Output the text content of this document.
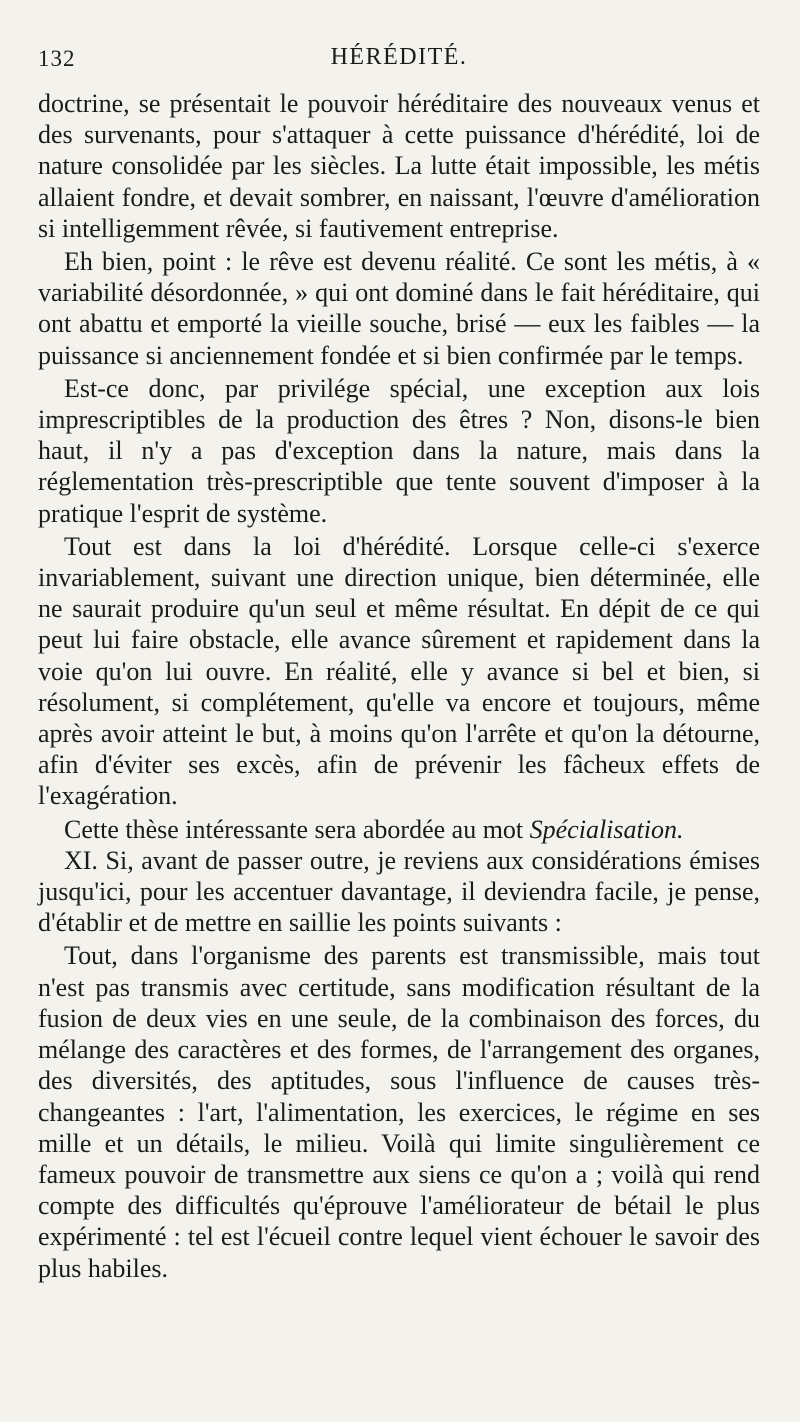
132	HÉRÉDITÉ.

doctrine, se présentait le pouvoir héréditaire des nouveaux venus et des survenants, pour s'attaquer à cette puissance d'hérédité, loi de nature consolidée par les siècles. La lutte était impossible, les métis allaient fondre, et devait sombrer, en naissant, l'œuvre d'amélioration si intelligemment rêvée, si fautivement entreprise.

Eh bien, point : le rêve est devenu réalité. Ce sont les métis, à « variabilité désordonnée, » qui ont dominé dans le fait héréditaire, qui ont abattu et emporté la vieille souche, brisé — eux les faibles — la puissance si anciennement fondée et si bien confirmée par le temps.

Est-ce donc, par privilége spécial, une exception aux lois imprescriptibles de la production des êtres ? Non, disons-le bien haut, il n'y a pas d'exception dans la nature, mais dans la réglementation très-prescriptible que tente souvent d'imposer à la pratique l'esprit de système.

Tout est dans la loi d'hérédité. Lorsque celle-ci s'exerce invariablement, suivant une direction unique, bien déterminée, elle ne saurait produire qu'un seul et même résultat. En dépit de ce qui peut lui faire obstacle, elle avance sûrement et rapidement dans la voie qu'on lui ouvre. En réalité, elle y avance si bel et bien, si résolument, si complétement, qu'elle va encore et toujours, même après avoir atteint le but, à moins qu'on l'arrête et qu'on la détourne, afin d'éviter ses excès, afin de prévenir les fâcheux effets de l'exagération.

Cette thèse intéressante sera abordée au mot Spécialisation.

XI. Si, avant de passer outre, je reviens aux considérations émises jusqu'ici, pour les accentuer davantage, il deviendra facile, je pense, d'établir et de mettre en saillie les points suivants :

Tout, dans l'organisme des parents est transmissible, mais tout n'est pas transmis avec certitude, sans modification résultant de la fusion de deux vies en une seule, de la combinaison des forces, du mélange des caractères et des formes, de l'arrangement des organes, des diversités, des aptitudes, sous l'influence de causes très-changeantes : l'art, l'alimentation, les exercices, le régime en ses mille et un détails, le milieu. Voilà qui limite singulièrement ce fameux pouvoir de transmettre aux siens ce qu'on a ; voilà qui rend compte des difficultés qu'éprouve l'améliorateur de bétail le plus expérimenté : tel est l'écueil contre lequel vient échouer le savoir des plus habiles.
